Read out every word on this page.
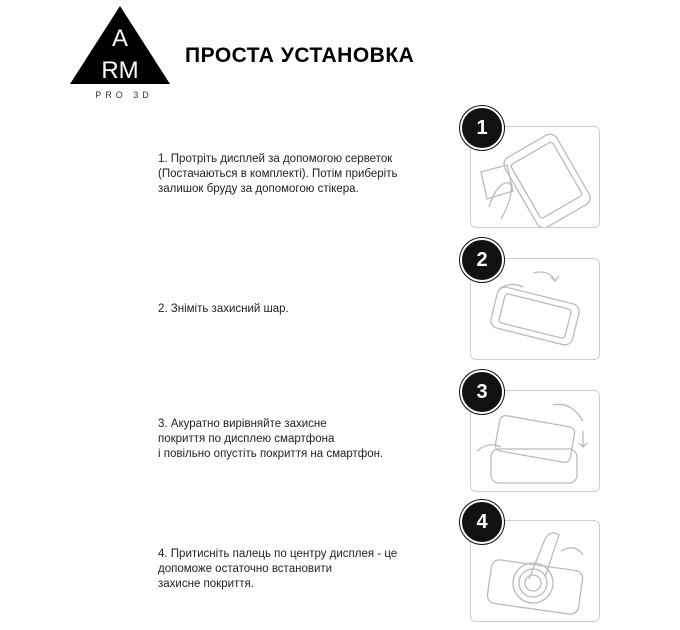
A
RM
PRO 3D
ПРОСТА УСТАНОВКА

1. Протріть дисплей за допомогою серветок

(Постачаються в комплекті). Потім приберіть

залишок бруду за допомогою стікера.

1

2. Зніміть захисний шар.

2

3. Акуратно вирівняйте захисне

покриття по дисплею смартфона

і повільно опустіть покриття на смартфон.

3

4. Притисніть палець по центру дисплея - це

допоможе остаточно встановити

захисне покриття.

4
